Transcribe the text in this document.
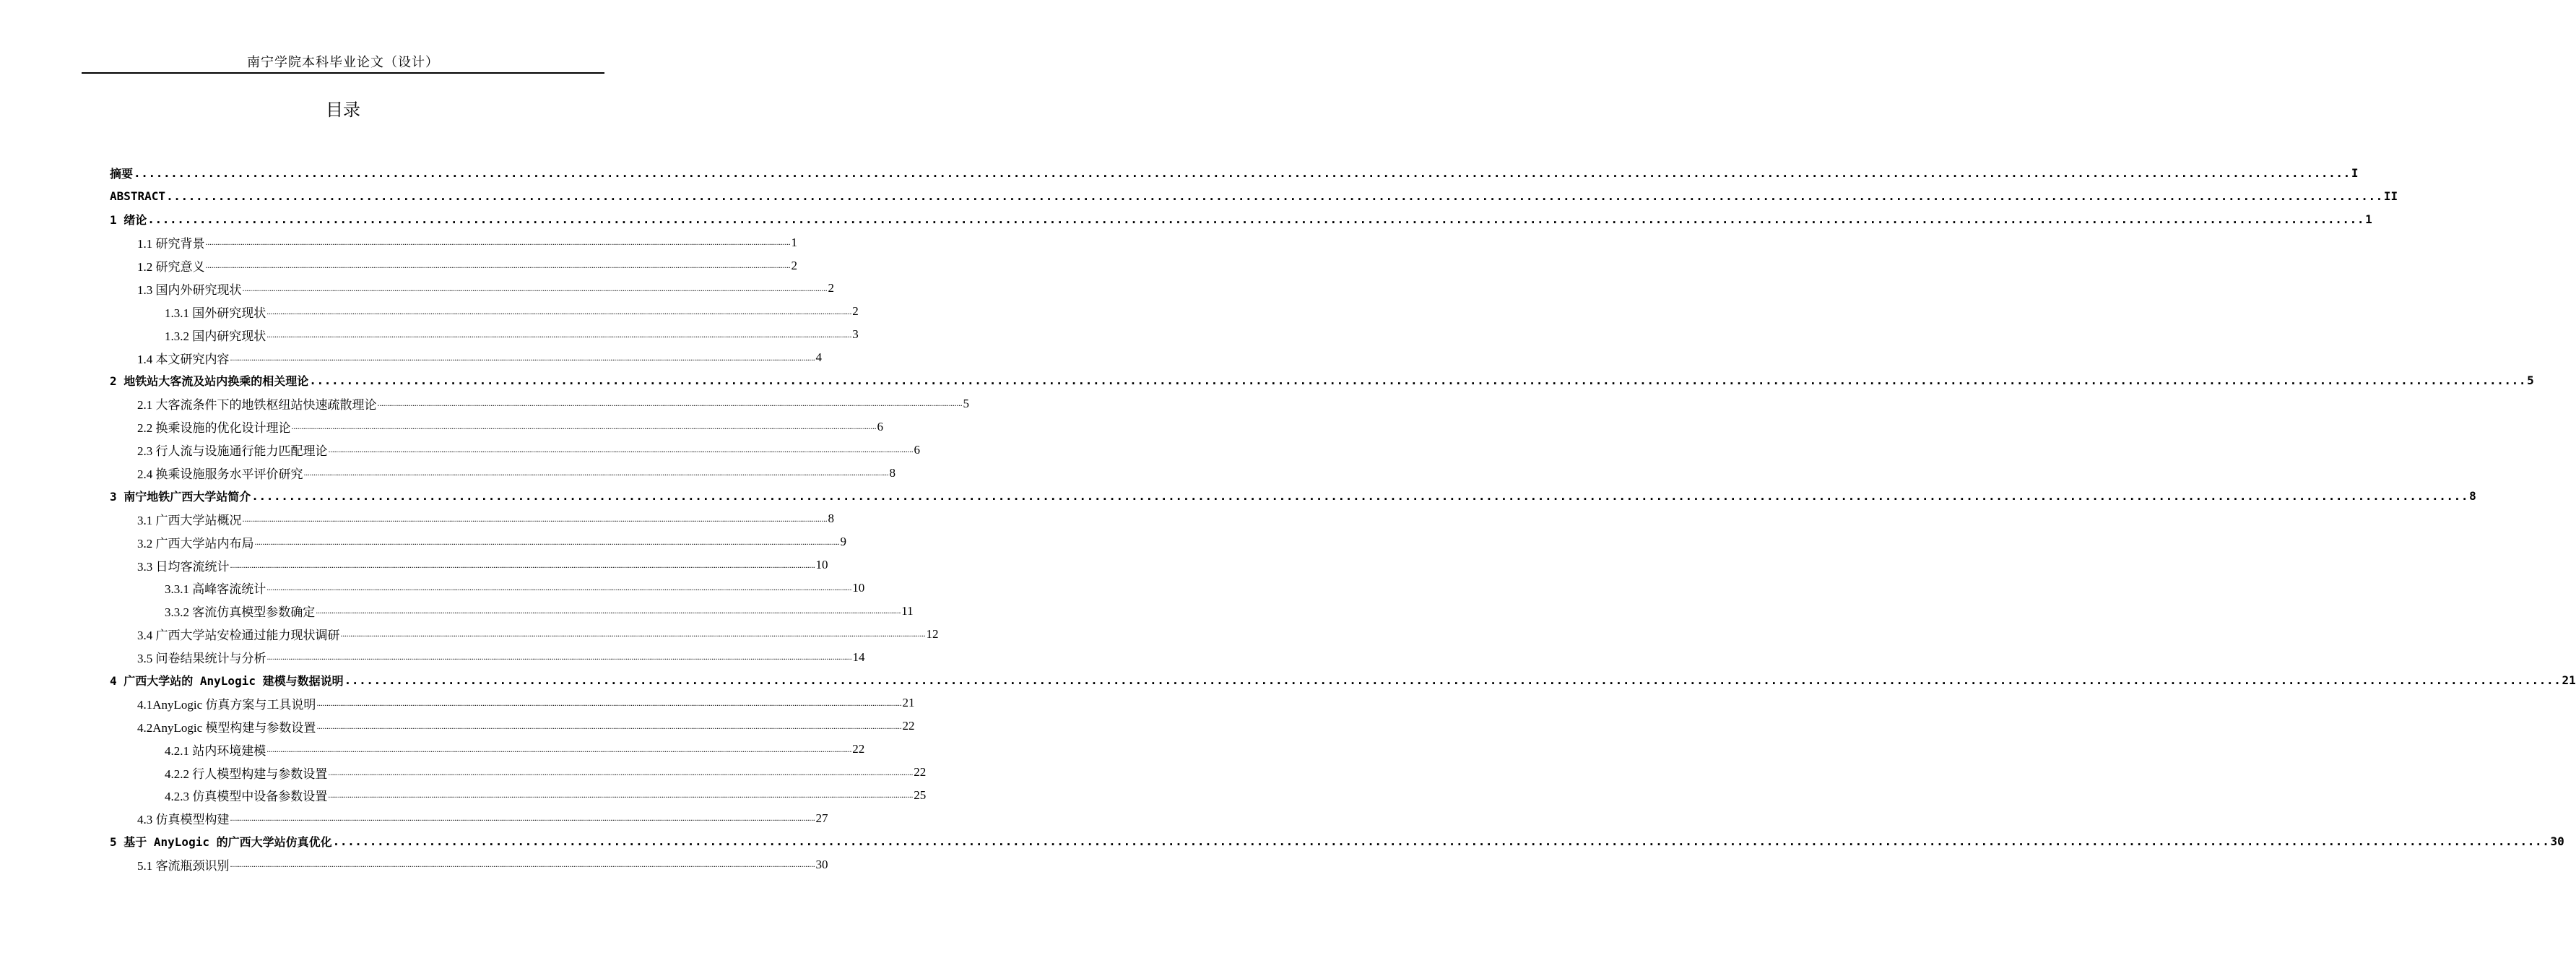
南宁学院本科毕业论文（设计）
目录
摘要 ............................................................................................................................................................................................................................................................................................................ I
ABSTRACT ............................................................................................................................................................................................................................................................................................................ II
1 绪论 ............................................................................................................................................................................................................................................................................................................ 1
1.1 研究背景 ............................................................................................................................................................................................................................................................................................................ 1
1.2 研究意义 ............................................................................................................................................................................................................................................................................................................ 2
1.3 国内外研究现状 ............................................................................................................................................................................................................................................................................................................ 2
1.3.1 国外研究现状 ............................................................................................................................................................................................................................................................................................................ 2
1.3.2 国内研究现状 ............................................................................................................................................................................................................................................................................................................ 3
1.4 本文研究内容 ............................................................................................................................................................................................................................................................................................................ 4
2 地铁站大客流及站内换乘的相关理论 ............................................................................................................................................................................................................................................................................................................ 5
2.1 大客流条件下的地铁枢纽站快速疏散理论 ............................................................................................................................................................................................................................................................................................................ 5
2.2 换乘设施的优化设计理论 ............................................................................................................................................................................................................................................................................................................ 6
2.3 行人流与设施通行能力匹配理论 ............................................................................................................................................................................................................................................................................................................ 6
2.4 换乘设施服务水平评价研究 ............................................................................................................................................................................................................................................................................................................ 8
3 南宁地铁广西大学站简介 ............................................................................................................................................................................................................................................................................................................ 8
3.1 广西大学站概况 ............................................................................................................................................................................................................................................................................................................ 8
3.2 广西大学站内布局 ............................................................................................................................................................................................................................................................................................................ 9
3.3 日均客流统计 ............................................................................................................................................................................................................................................................................................................ 10
3.3.1 高峰客流统计 ............................................................................................................................................................................................................................................................................................................ 10
3.3.2 客流仿真模型参数确定 ............................................................................................................................................................................................................................................................................................................ 11
3.4 广西大学站安检通过能力现状调研 ............................................................................................................................................................................................................................................................................................................ 12
3.5 问卷结果统计与分析 ............................................................................................................................................................................................................................................................................................................ 14
4 广西大学站的 AnyLogic 建模与数据说明 ............................................................................................................................................................................................................................................................................................................ 21
4.1AnyLogic 仿真方案与工具说明 ............................................................................................................................................................................................................................................................................................................ 21
4.2AnyLogic 模型构建与参数设置 ............................................................................................................................................................................................................................................................................................................ 22
4.2.1 站内环境建模 ............................................................................................................................................................................................................................................................................................................ 22
4.2.2 行人模型构建与参数设置 ............................................................................................................................................................................................................................................................................................................ 22
4.2.3 仿真模型中设备参数设置 ............................................................................................................................................................................................................................................................................................................ 25
4.3 仿真模型构建 ............................................................................................................................................................................................................................................................................................................ 27
5 基于 AnyLogic 的广西大学站仿真优化 ............................................................................................................................................................................................................................................................................................................ 30
5.1 客流瓶颈识别 ............................................................................................................................................................................................................................................................................................................ 30
